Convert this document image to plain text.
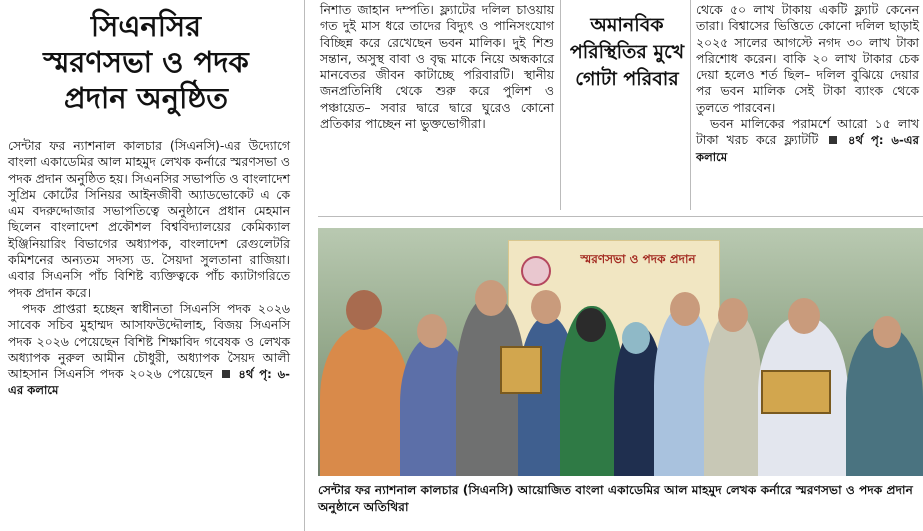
সিএনসির
স্মরণসভা ও পদক
প্রদান অনুষ্ঠিত

সেন্টার ফর ন্যাশনাল কালচার (সিএনসি)-এর উদ্যোগে বাংলা একাডেমির আল মাহমুদ লেখক কর্নারে স্মরণসভা ও পদক প্রদান অনুষ্ঠিত হয়। সিএনসির সভাপতি ও বাংলাদেশ সুপ্রিম কোর্টের সিনিয়র আইনজীবী অ্যাডভোকেট এ কে এম বদরুদ্দোজার সভাপতিত্বে অনুষ্ঠানে প্রধান মেহমান ছিলেন বাংলাদেশ প্রকৌশল বিশ্ববিদ্যালয়ের কেমিক্যাল ইঞ্জিনিয়ারিং বিভাগের অধ্যাপক, বাংলাদেশ রেগুলেটরি কমিশনের অন্যতম সদস্য ড. সৈয়দা সুলতানা রাজিয়া। এবার সিএনসি পাঁচ বিশিষ্ট ব্যক্তিত্বকে পাঁচ ক্যাটাগরিতে পদক প্রদান করে।

পদক প্রাপ্তরা হচ্ছেন স্বাধীনতা সিএনসি পদক ২০২৬ সাবেক সচিব মুহাম্মদ আসাফউদ্দৌলাহ, বিজয় সিএনসি পদক ২০২৬ পেয়েছেন বিশিষ্ট শিক্ষাবিদ গবেষক ও লেখক অধ্যাপক নুরুল আমীন চৌধুরী, অধ্যাপক সৈয়দ আলী আহসান সিএনসি পদক ২০২৬ পেয়েছেন ৪র্থ পৃ: ৬-এর কলামে

নিশাত জাহান দম্পতি। ফ্ল্যাটের দলিল চাওয়ায় গত দুই মাস ধরে তাদের বিদ্যুৎ ও পানিসংযোগ বিচ্ছিন্ন করে রেখেছেন ভবন মালিক। দুই শিশু সন্তান, অসুস্থ বাবা ও বৃদ্ধ মাকে নিয়ে অন্ধকারে মানবেতর জীবন কাটাচ্ছে পরিবারটি। স্থানীয় জনপ্রতিনিধি থেকে শুরু করে পুলিশ ও পঞ্চায়েত– সবার দ্বারে দ্বারে ঘুরেও কোনো প্রতিকার পাচ্ছেন না ভুক্তভোগীরা।

অমানবিক
পরিস্থিতির মুখে
গোটা পরিবার

থেকে ৫০ লাখ টাকায় একটি ফ্ল্যাট কেনেন তারা। বিশ্বাসের ভিত্তিতে কোনো দলিল ছাড়াই ২০২৫ সালের আগস্টে নগদ ৩০ লাখ টাকা পরিশোধ করেন। বাকি ২০ লাখ টাকার চেক দেয়া হলেও শর্ত ছিল– দলিল বুঝিয়ে দেয়ার পর ভবন মালিক সেই টাকা ব্যাংক থেকে তুলতে পারবেন।

ভবন মালিকের পরামর্শে আরো ১৫ লাখ টাকা খরচ করে ফ্ল্যাটটি	৪র্থ পৃ: ৬-এর কলামে

স্মরণসভা ও পদক প্রদান
সেন্টার ফর ন্যাশনাল কালচার (সিএনসি) আয়োজিত বাংলা একাডেমির আল মাহমুদ লেখক কর্নারে স্মরণসভা ও পদক প্রদান অনুষ্ঠানে অতিথিরা
